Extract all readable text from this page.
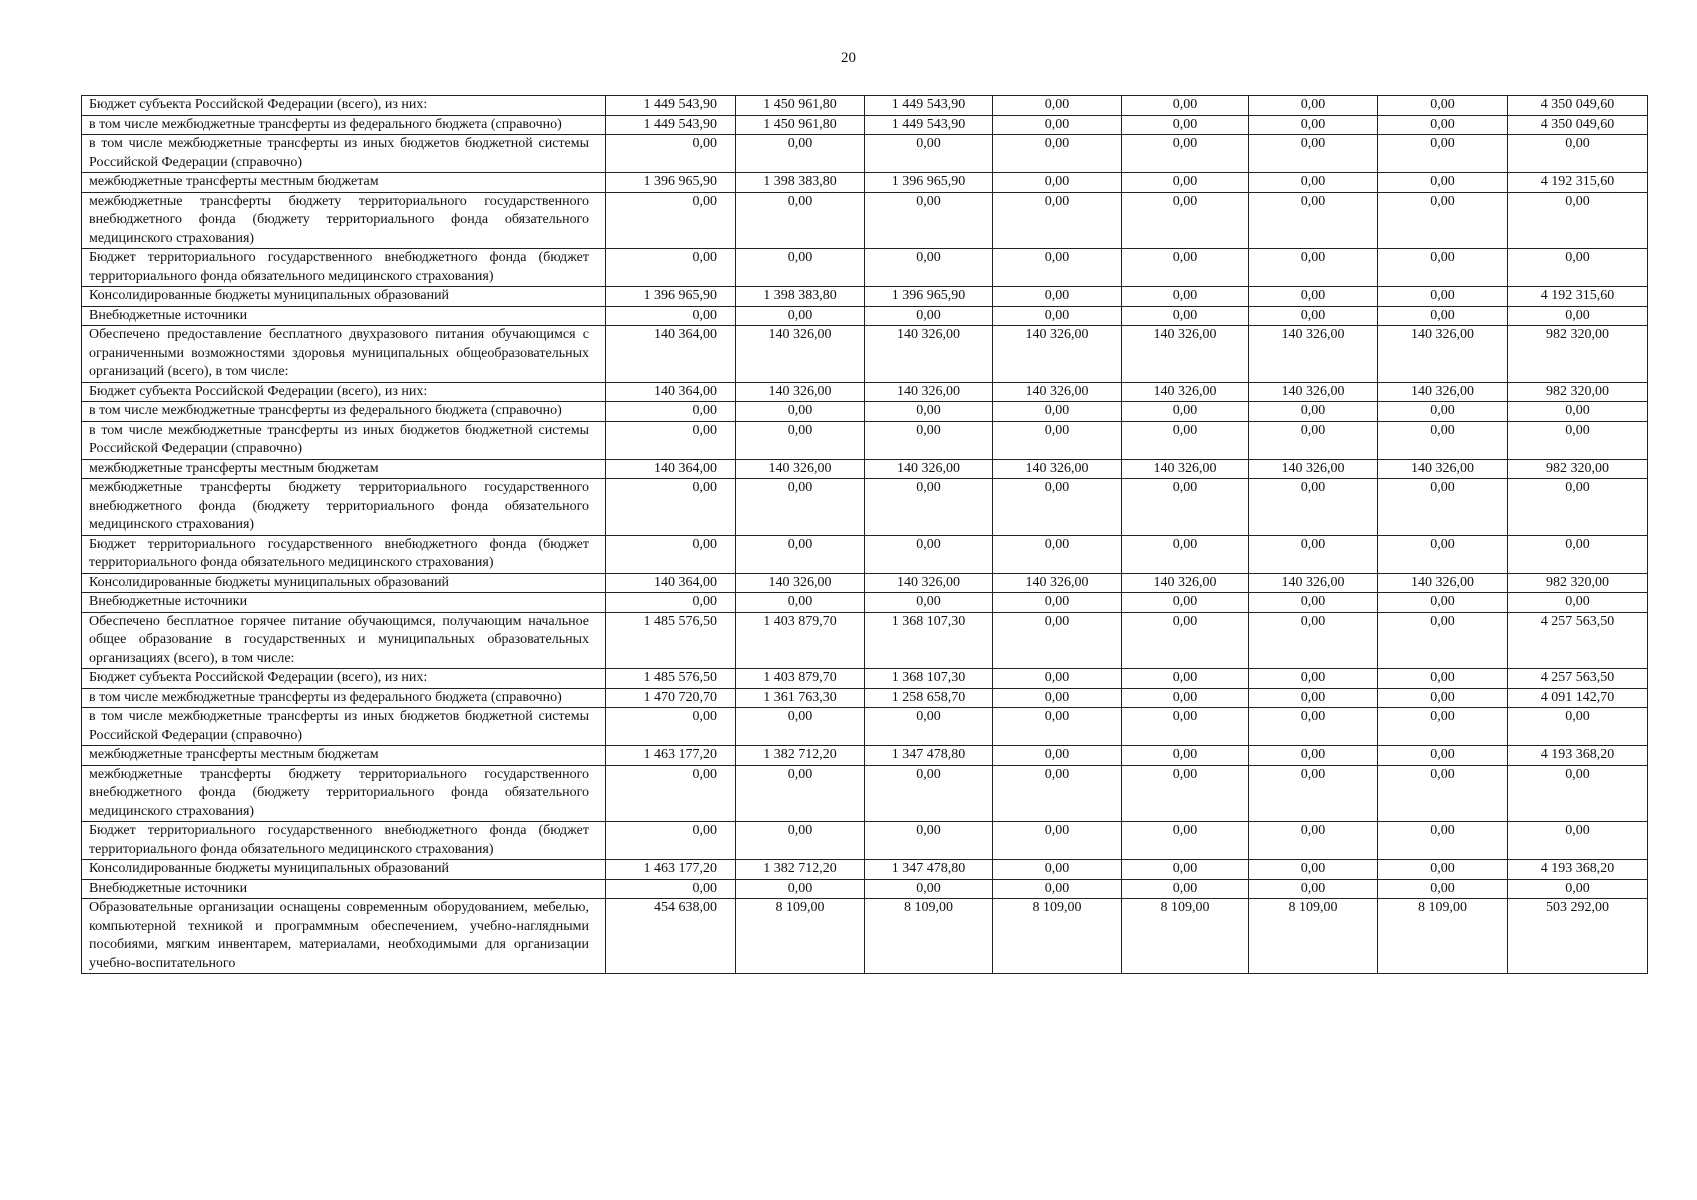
20
Бюджет субъекта Российской Федерации (всего), из них:	1 449 543,90	1 450 961,80	1 449 543,90	0,00	0,00	0,00	0,00	4 350 049,60
в том числе межбюджетные трансферты из федерального бюджета (справочно)	1 449 543,90	1 450 961,80	1 449 543,90	0,00	0,00	0,00	0,00	4 350 049,60
в том числе межбюджетные трансферты из иных бюджетов бюджетной системы Российской Федерации (справочно)	0,00	0,00	0,00	0,00	0,00	0,00	0,00	0,00
межбюджетные трансферты местным бюджетам	1 396 965,90	1 398 383,80	1 396 965,90	0,00	0,00	0,00	0,00	4 192 315,60
межбюджетные трансферты бюджету территориального государственного внебюджетного фонда (бюджету территориального фонда обязательного медицинского страхования)	0,00	0,00	0,00	0,00	0,00	0,00	0,00	0,00
Бюджет территориального государственного внебюджетного фонда (бюджет территориального фонда обязательного медицинского страхования)	0,00	0,00	0,00	0,00	0,00	0,00	0,00	0,00
Консолидированные бюджеты муниципальных образований	1 396 965,90	1 398 383,80	1 396 965,90	0,00	0,00	0,00	0,00	4 192 315,60
Внебюджетные источники	0,00	0,00	0,00	0,00	0,00	0,00	0,00	0,00
Обеспечено предоставление бесплатного двухразового питания обучающимся с ограниченными возможностями здоровья муниципальных общеобразовательных организаций (всего), в том числе:	140 364,00	140 326,00	140 326,00	140 326,00	140 326,00	140 326,00	140 326,00	982 320,00
Бюджет субъекта Российской Федерации (всего), из них:	140 364,00	140 326,00	140 326,00	140 326,00	140 326,00	140 326,00	140 326,00	982 320,00
в том числе межбюджетные трансферты из федерального бюджета (справочно)	0,00	0,00	0,00	0,00	0,00	0,00	0,00	0,00
в том числе межбюджетные трансферты из иных бюджетов бюджетной системы Российской Федерации (справочно)	0,00	0,00	0,00	0,00	0,00	0,00	0,00	0,00
межбюджетные трансферты местным бюджетам	140 364,00	140 326,00	140 326,00	140 326,00	140 326,00	140 326,00	140 326,00	982 320,00
межбюджетные трансферты бюджету территориального государственного внебюджетного фонда (бюджету территориального фонда обязательного медицинского страхования)	0,00	0,00	0,00	0,00	0,00	0,00	0,00	0,00
Бюджет территориального государственного внебюджетного фонда (бюджет территориального фонда обязательного медицинского страхования)	0,00	0,00	0,00	0,00	0,00	0,00	0,00	0,00
Консолидированные бюджеты муниципальных образований	140 364,00	140 326,00	140 326,00	140 326,00	140 326,00	140 326,00	140 326,00	982 320,00
Внебюджетные источники	0,00	0,00	0,00	0,00	0,00	0,00	0,00	0,00
Обеспечено бесплатное горячее питание обучающимся, получающим начальное общее образование в государственных и муниципальных образовательных организациях (всего), в том числе:	1 485 576,50	1 403 879,70	1 368 107,30	0,00	0,00	0,00	0,00	4 257 563,50
Бюджет субъекта Российской Федерации (всего), из них:	1 485 576,50	1 403 879,70	1 368 107,30	0,00	0,00	0,00	0,00	4 257 563,50
в том числе межбюджетные трансферты из федерального бюджета (справочно)	1 470 720,70	1 361 763,30	1 258 658,70	0,00	0,00	0,00	0,00	4 091 142,70
в том числе межбюджетные трансферты из иных бюджетов бюджетной системы Российской Федерации (справочно)	0,00	0,00	0,00	0,00	0,00	0,00	0,00	0,00
межбюджетные трансферты местным бюджетам	1 463 177,20	1 382 712,20	1 347 478,80	0,00	0,00	0,00	0,00	4 193 368,20
межбюджетные трансферты бюджету территориального государственного внебюджетного фонда (бюджету территориального фонда обязательного медицинского страхования)	0,00	0,00	0,00	0,00	0,00	0,00	0,00	0,00
Бюджет территориального государственного внебюджетного фонда (бюджет территориального фонда обязательного медицинского страхования)	0,00	0,00	0,00	0,00	0,00	0,00	0,00	0,00
Консолидированные бюджеты муниципальных образований	1 463 177,20	1 382 712,20	1 347 478,80	0,00	0,00	0,00	0,00	4 193 368,20
Внебюджетные источники	0,00	0,00	0,00	0,00	0,00	0,00	0,00	0,00
Образовательные организации оснащены современным оборудованием, мебелью, компьютерной техникой и программным обеспечением, учебно-наглядными пособиями, мягким инвентарем, материалами, необходимыми для организации учебно-воспитательного	454 638,00	8 109,00	8 109,00	8 109,00	8 109,00	8 109,00	8 109,00	503 292,00
